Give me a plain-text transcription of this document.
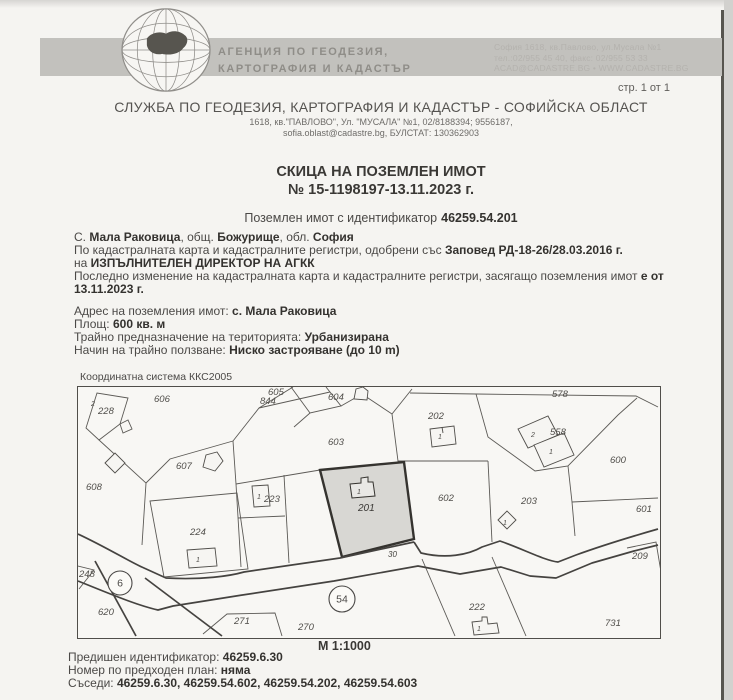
АГЕНЦИЯ ПО ГЕОДЕЗИЯ,
КАРТОГРАФИЯ И КАДАСТЪР
София 1618, кв.Павлово, ул.Мусала №1
тел.:02/955 45 40, факс: 02/955 53 33
ACAD@CADASTRE.BG • WWW.CADASTRE.BG
стр. 1 от 1
СЛУЖБА ПО ГЕОДЕЗИЯ, КАРТОГРАФИЯ И КАДАСТЪР - СОФИЙСКА ОБЛАСТ
1618, кв."ПАВЛОВО", Ул. "МУСАЛА" №1, 02/8188394; 9556187,
sofia.oblast@cadastre.bg, БУЛСТАТ: 130362903
СКИЦА НА ПОЗЕМЛЕН ИМОТ
№ 15-1198197-13.11.2023 г.
Поземлен имот с идентификатор 46259.54.201
С. Мала Раковица, общ. Божурище, обл. София
По кадастралната карта и кадастралните регистри, одобрени със Заповед РД-18-26/28.03.2016 г.
на ИЗПЪЛНИТЕЛЕН ДИРЕКТОР НА АГКК
Последно изменение на кадастралната карта и кадастралните регистри, засягащо поземления имот е от
13.11.2023 г.
Адрес на поземления имот: с. Мала Раковица
Площ: 600 кв. м
Трайно предназначение на територията: Урбанизирана
Начин на трайно ползване: Ниско застрояване (до 10 m)
Координатна система ККС2005
2
228
606
605
844	604	578
202
1	558
2
1
600
603
607
608
1 223
224
1
1
201
602	203
1
601
209
222
1
731
270
271
620
248
30
6
54
М 1:1000
Предишен идентификатор: 46259.6.30
Номер по предходен план: няма
Съседи: 46259.6.30, 46259.54.602, 46259.54.202, 46259.54.603
